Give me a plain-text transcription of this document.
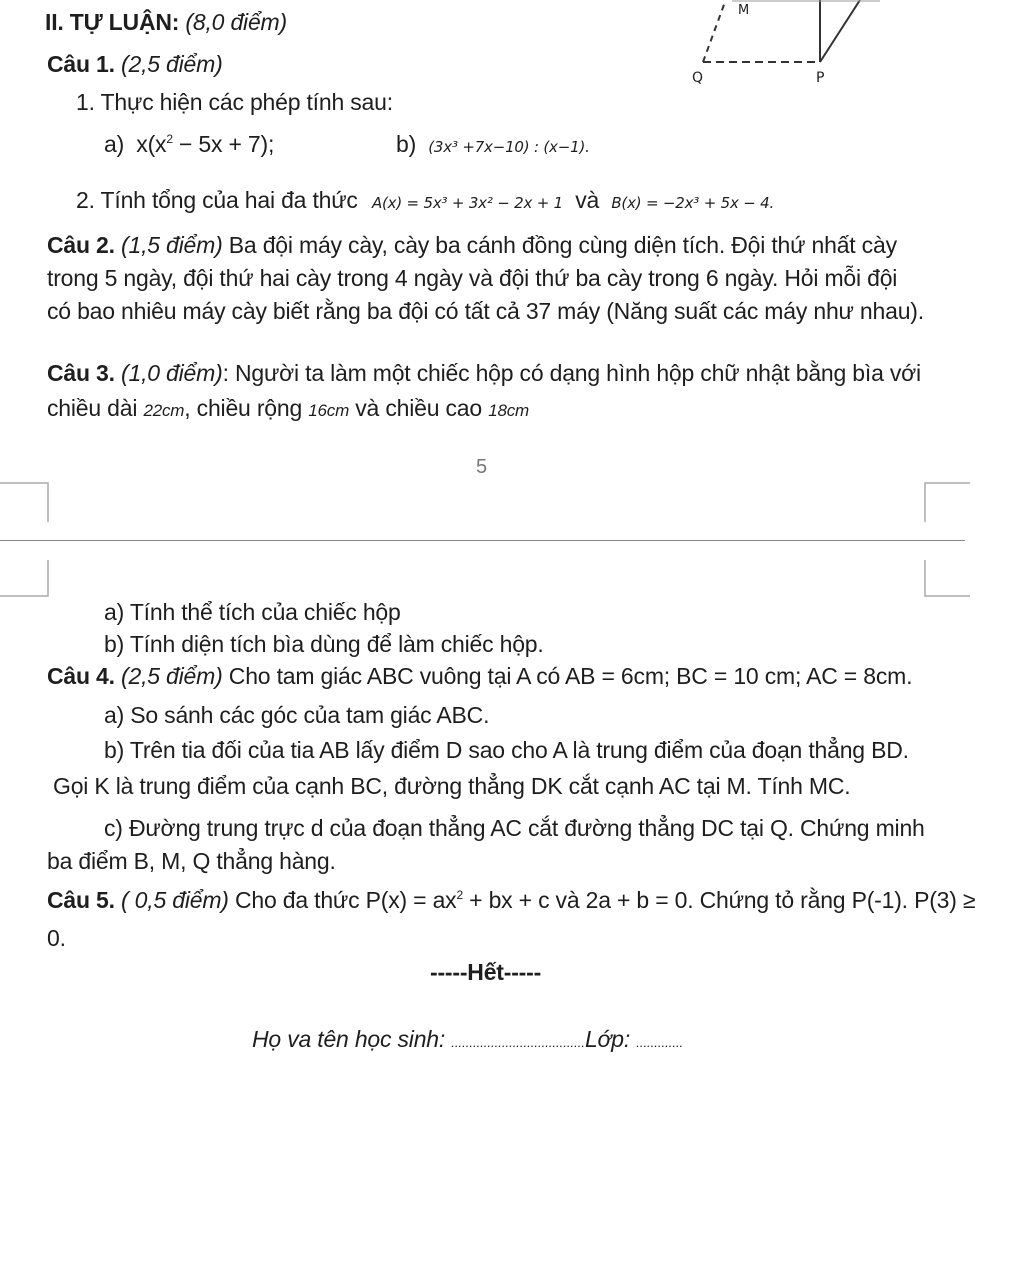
M
Q	P
II. TỰ LUẬN: (8,0 điểm)
Câu 1. (2,5 điểm)
1. Thực hiện các phép tính sau:
a) $x(x^2 - 5x + 7)$;	b) (3x³ +7x−10) : (x−1).
2. Tính tổng của hai đa thức A(x) = 5x³ + 3x² − 2x + 1 và B(x) = −2x³ + 5x − 4.
Câu 2. (1,5 điểm) Ba đội máy cày, cày ba cánh đồng cùng diện tích. Đội thứ nhất cày
trong 5 ngày, đội thứ hai cày trong 4 ngày và đội thứ ba cày trong 6 ngày. Hỏi mỗi đội
có bao nhiêu máy cày biết rằng ba đội có tất cả 37 máy (Năng suất các máy như nhau).
Câu 3. (1,0 điểm): Người ta làm một chiếc hộp có dạng hình hộp chữ nhật bằng bìa với
chiều dài 22cm, chiều rộng 16cm và chiều cao 18cm
5
a) Tính thể tích của chiếc hộp
b) Tính diện tích bìa dùng để làm chiếc hộp.
Câu 4. (2,5 điểm) Cho tam giác ABC vuông tại A có AB = 6cm; BC = 10 cm; AC = 8cm.
a) So sánh các góc của tam giác ABC.
b) Trên tia đối của tia AB lấy điểm D sao cho A là trung điểm của đoạn thẳng BD.
Gọi K là trung điểm của cạnh BC, đường thẳng DK cắt cạnh AC tại M. Tính MC.
c) Đường trung trực d của đoạn thẳng AC cắt đường thẳng DC tại Q. Chứng minh
ba điểm B, M, Q thẳng hàng.
Câu 5. ( 0,5 điểm) Cho đa thức $P(x) = ax^2$ + bx + c và 2a + b = 0. Chứng tỏ rằng P(-1). P(3) ≥
0.
-----Hết-----
Họ va tên học sinh: .....................................Lớp: .............
